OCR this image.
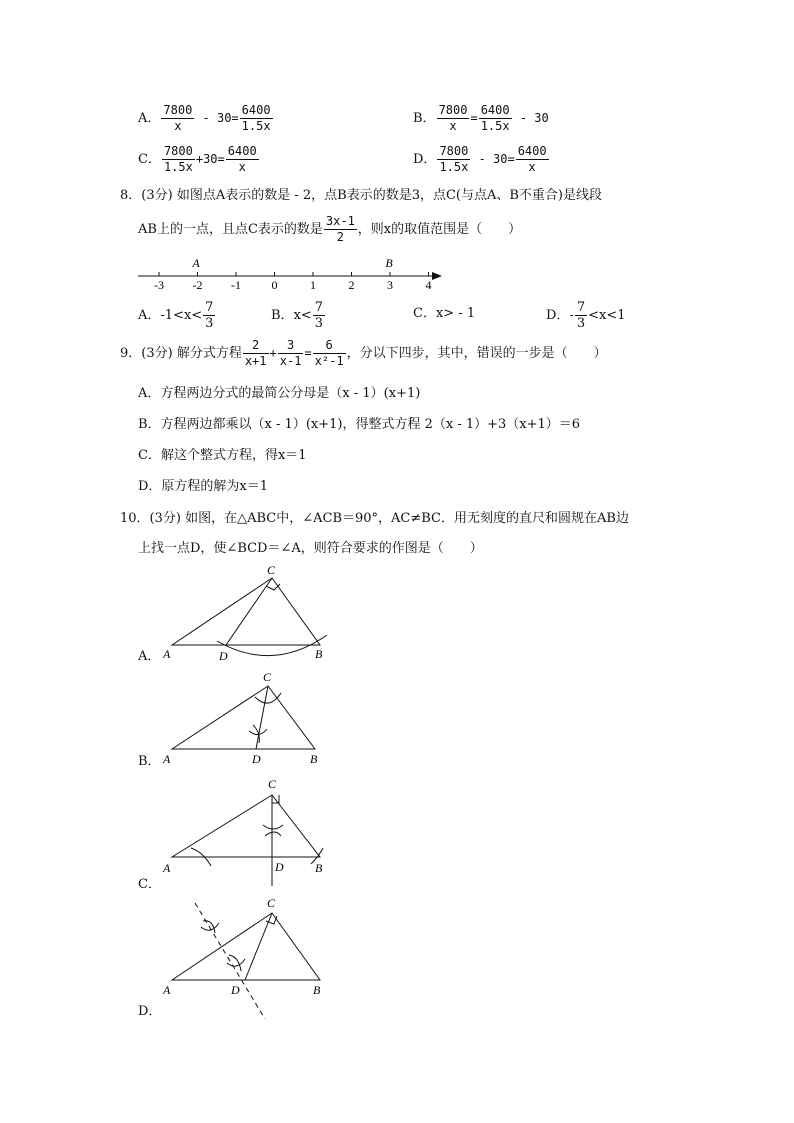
A． $\frac{7800}{x} - 30= \frac{6400}{1.5x}$	B． $\frac{7800}{x} = \frac{6400}{1.5x} - 30$
C． $\frac{7800}{1.5x} +30= \frac{6400}{x}$	D． $\frac{7800}{1.5x} - 30= \frac{6400}{x}$
8．(3分) 如图点A表示的数是 - 2，点B表示的数是3，点C(与点A、B不重合)是线段
AB上的一点，且点C表示的数是 $\frac{3x-1}{2}$ ，则x的取值范围是（　　）
-3 -2 -1	0	1	2	3	4
A	B
A．$-1<x< \frac{7}{3}$	B．$x< \frac{7}{3}$	C．x> - 1	D．- $\frac{7}{3} <x<1$
9．(3分) 解分式方程 $\frac{2}{x+1} + \frac{3}{x-1} = \frac{6}{\text{x²-1}}$ ，分以下四步，其中，错误的一步是（　　）
A．方程两边分式的最简公分母是（x - 1）(x+1)
B．方程两边都乘以（x - 1）(x+1)，得整式方程 2（x - 1）+3（x+1）＝6
C．解这个整式方程，得x＝1
D．原方程的解为x＝1
10．(3分) 如图，在△ABC中，∠ACB＝90°，AC≠BC．用无刻度的直尺和圆规在AB边
上找一点D，使∠BCD＝∠A，则符合要求的作图是（　　）
A． A	D	B
C
B． A	D	B
C
C．
A	D	B
C
D．
A	D	B
C
